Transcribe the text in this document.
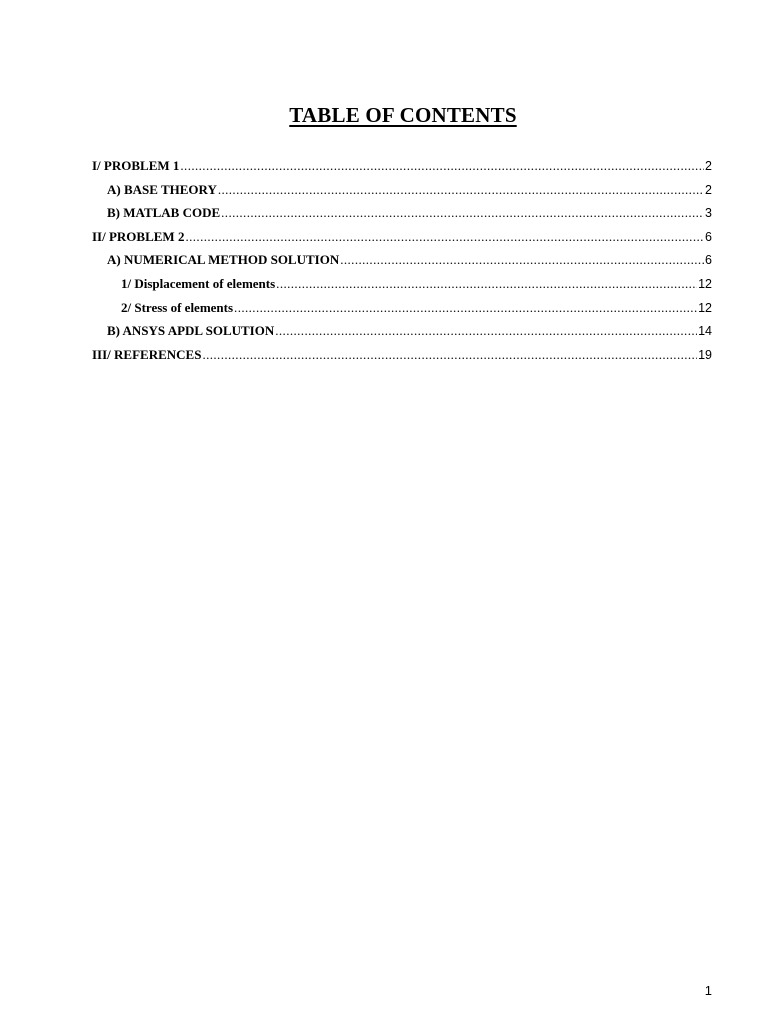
TABLE OF CONTENTS
I/ PROBLEM 1 .....	2
A) BASE THEORY .....	2
B) MATLAB CODE .....	3
II/ PROBLEM 2 .....	6
A) NUMERICAL METHOD SOLUTION .....	6
1/ Displacement of elements .....	12
2/ Stress of elements .....	12
B) ANSYS APDL SOLUTION .....	14
III/ REFERENCES .....	19
1
